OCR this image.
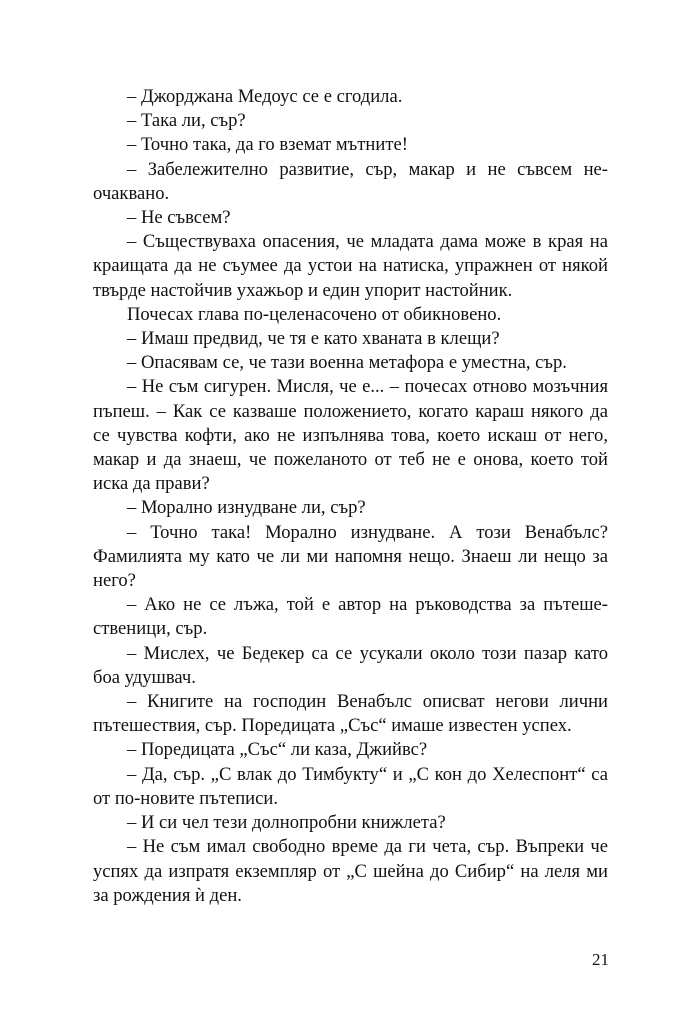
– Джорджана Медоус се е сгодила.

– Така ли, сър?

– Точно така, да го вземат мътните!

– Забележително развитие, сър, макар и не съвсем неочаквано.

– Не съвсем?

– Съществуваха опасения, че младата дама може в края на краищата да не съумее да устои на натиска, упражнен от някой твърде настойчив ухажьор и един упорит настойник.

Почесах глава по-целенасочено от обикновено.

– Имаш предвид, че тя е като хваната в клещи?

– Опасявам се, че тази военна метафора е уместна, сър.

– Не съм сигурен. Мисля, че е... – почесах отново мозъчния пъпеш. – Как се казваше положението, когато караш някого да се чувства кофти, ако не изпълнява това, което искаш от него, макар и да знаеш, че пожеланото от теб не е онова, което той иска да прави?

– Морално изнудване ли, сър?

– Точно така! Морално изнудване. А този Венабълс? Фамилията му като че ли ми напомня нещо. Знаеш ли нещо за него?

– Ако не се лъжа, той е автор на ръководства за пътешественици, сър.

– Мислех, че Бедекер са се усукали около този пазар като боа удушвач.

– Книгите на господин Венабълс описват негови лични пътешествия, сър. Поредицата „Със“ имаше известен успех.

– Поредицата „Със“ ли каза, Джийвс?

– Да, сър. „С влак до Тимбукту“ и „С кон до Хелеспонт“ са от по-новите пътеписи.

– И си чел тези долнопробни книжлета?

– Не съм имал свободно време да ги чета, сър. Въпреки че успях да изпратя екземпляр от „С шейна до Сибир“ на леля ми за рождения ѝ ден.

21
